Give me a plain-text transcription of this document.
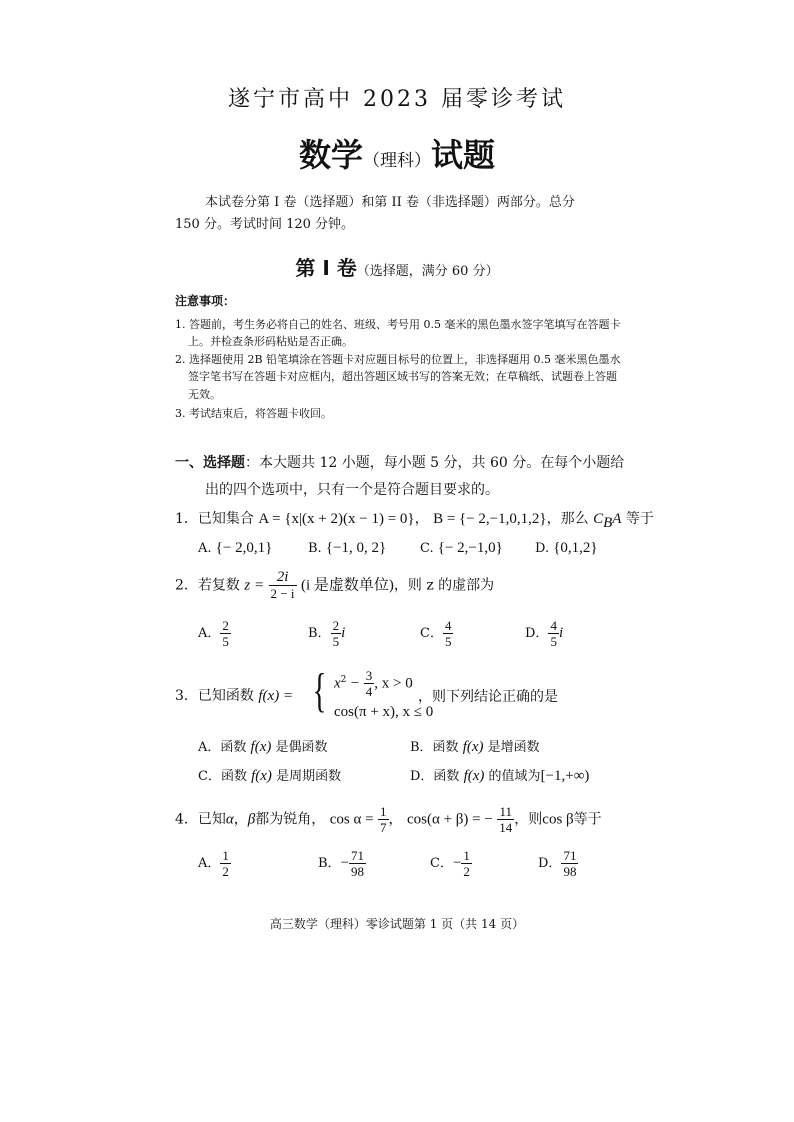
遂宁市高中 2023 届零诊考试
数学（理科）试题
本试卷分第 I 卷（选择题）和第 II 卷（非选择题）两部分。总分
150 分。考试时间 120 分钟。
第 Ⅰ 卷（选择题，满分 60 分）
注意事项：
1. 答题前，考生务必将自己的姓名、班级、考号用 0.5 毫米的黑色墨水签字笔填写在答题卡
上。并检查条形码粘贴是否正确。
2. 选择题使用 2B 铅笔填涂在答题卡对应题目标号的位置上，非选择题用 0.5 毫米黑色墨水
签字笔书写在答题卡对应框内，超出答题区域书写的答案无效；在草稿纸、试题卷上答题
无效。
3. 考试结束后，将答题卡收回。
一、选择题：本大题共 12 小题，每小题 5 分，共 60 分。在每个小题给
出的四个选项中，只有一个是符合题目要求的。
1．已知集合 A = {x|(x + 2)(x − 1) = 0}， B = {− 2,−1,0,1,2}，那么 $C_BA$ 等于
A. {− 2,0,1}	B. {−1, 0, 2}	C. {− 2,−1,0} D. {0,1,2}
2．若复数 $z = \frac{2i}{2 - i} (i$ 是虚数单位)，则 z 的虚部为
A． $\frac{2}{5}$	B． $\frac{2}{5}$ i	C． $\frac{4}{5}$	D． $\frac{4}{5}$ i
3．已知函数 f(x) = { $x^2 - \frac{3}{4}$ , x > 0
cos(π + x), x ≤ 0
，则下列结论正确的是
A．函数 f(x) 是偶函数	B．函数 f(x) 是增函数
C．函数 f(x) 是周期函数	D．函数 f(x) 的值域为[−1,+∞)
4．已知α，β都为锐角， $\cos \alpha = \frac{1}{7}$ ， cos(α + β) = − $\frac{11}{14}$ ，则cos β等于
A． $\frac{1}{2}$	B．− $\frac{71}{98}$	C．− $\frac{1}{2}$	D． $\frac{71}{98}$
高三数学（理科）零诊试题第 1 页（共 14 页）
